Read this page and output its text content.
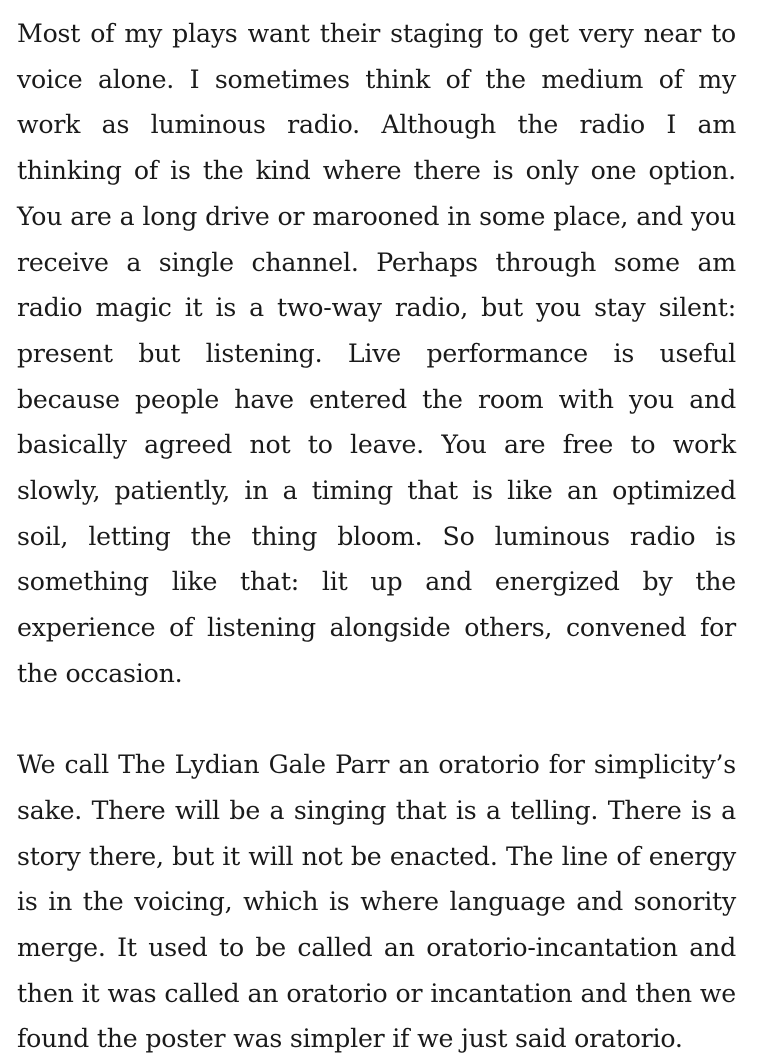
Most of my plays want their staging to get very near to voice alone. I sometimes think of the medium of my work as luminous radio. Although the radio I am thinking of is the kind where there is only one option. You are a long drive or marooned in some place, and you receive a single channel. Perhaps through some am radio magic it is a two-way radio, but you stay silent: present but listening. Live performance is useful because people have entered the room with you and basically agreed not to leave. You are free to work slowly, patiently, in a timing that is like an optimized soil, letting the thing bloom. So luminous radio is something like that: lit up and energized by the experience of listening alongside others, convened for the occasion.

We call The Lydian Gale Parr an oratorio for simplicity’s sake. There will be a singing that is a telling. There is a story there, but it will not be enacted. The line of energy is in the voicing, which is where language and sonority merge. It used to be called an oratorio-incantation and then it was called an oratorio or incantation and then we found the poster was simpler if we just said oratorio.
